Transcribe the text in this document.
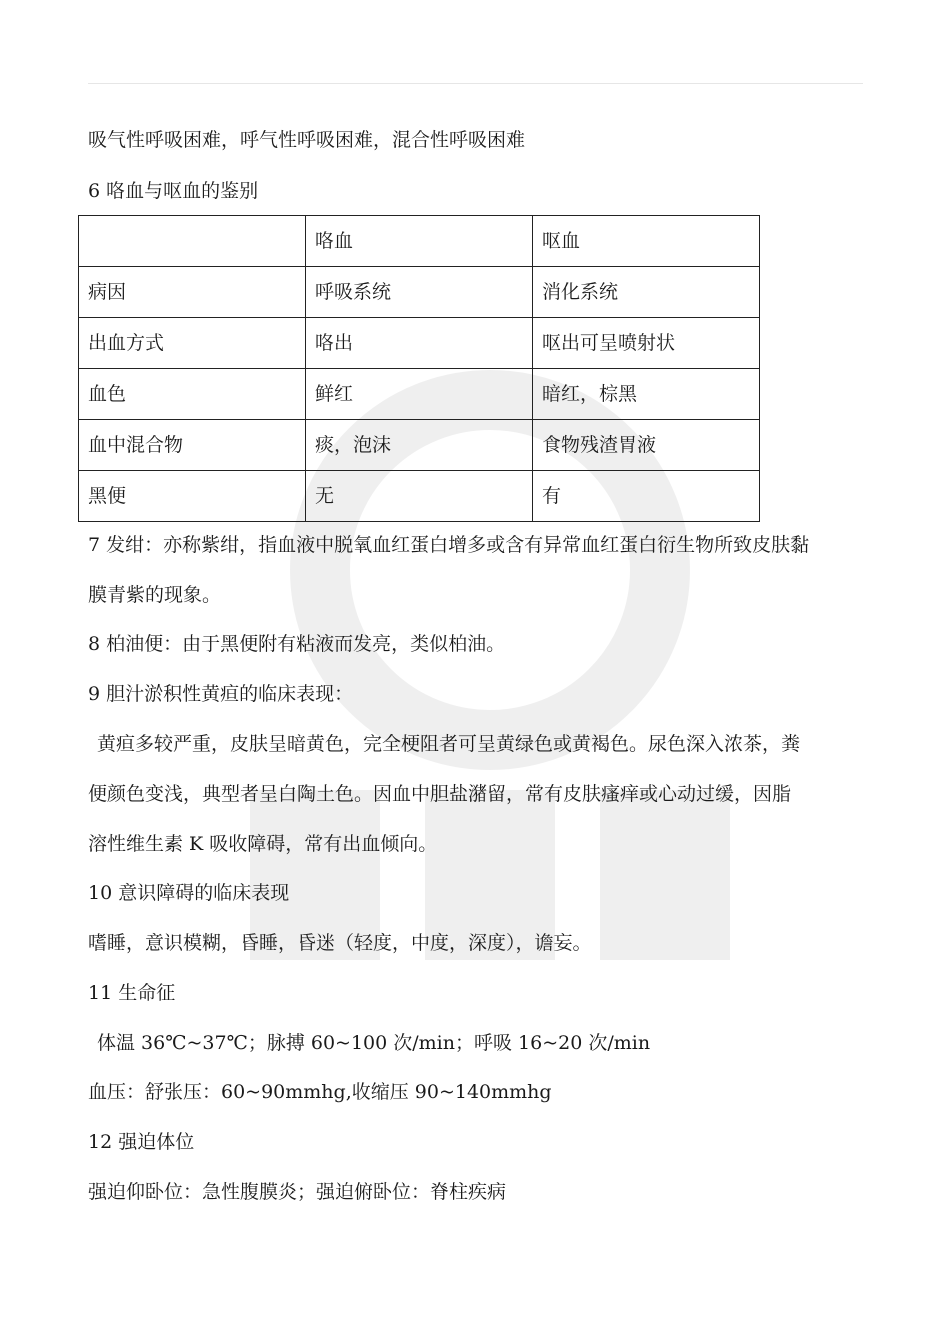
吸气性呼吸困难，呼气性呼吸困难，混合性呼吸困难
6 咯血与呕血的鉴别
	咯血	呕血
病因	呼吸系统	消化系统
出血方式	咯出	呕出可呈喷射状
血色	鲜红	暗红，棕黑
血中混合物	痰，泡沫	食物残渣胃液
黑便	无	有
7 发绀：亦称紫绀，指血液中脱氧血红蛋白增多或含有异常血红蛋白衍生物所致皮肤黏
膜青紫的现象。
8 柏油便：由于黑便附有粘液而发亮，类似柏油。
9 胆汁淤积性黄疸的临床表现：
黄疸多较严重，皮肤呈暗黄色，完全梗阻者可呈黄绿色或黄褐色。尿色深入浓茶，粪
便颜色变浅，典型者呈白陶土色。因血中胆盐潴留，常有皮肤瘙痒或心动过缓，因脂
溶性维生素 K 吸收障碍，常有出血倾向。
10 意识障碍的临床表现
嗜睡，意识模糊，昏睡，昏迷（轻度，中度，深度），谵妄。
11 生命征
体温 36℃~37℃；脉搏 60~100 次/min；呼吸 16~20 次/min
血压：舒张压：60~90mmhg,收缩压 90~140mmhg
12 强迫体位
强迫仰卧位：急性腹膜炎；强迫俯卧位：脊柱疾病
